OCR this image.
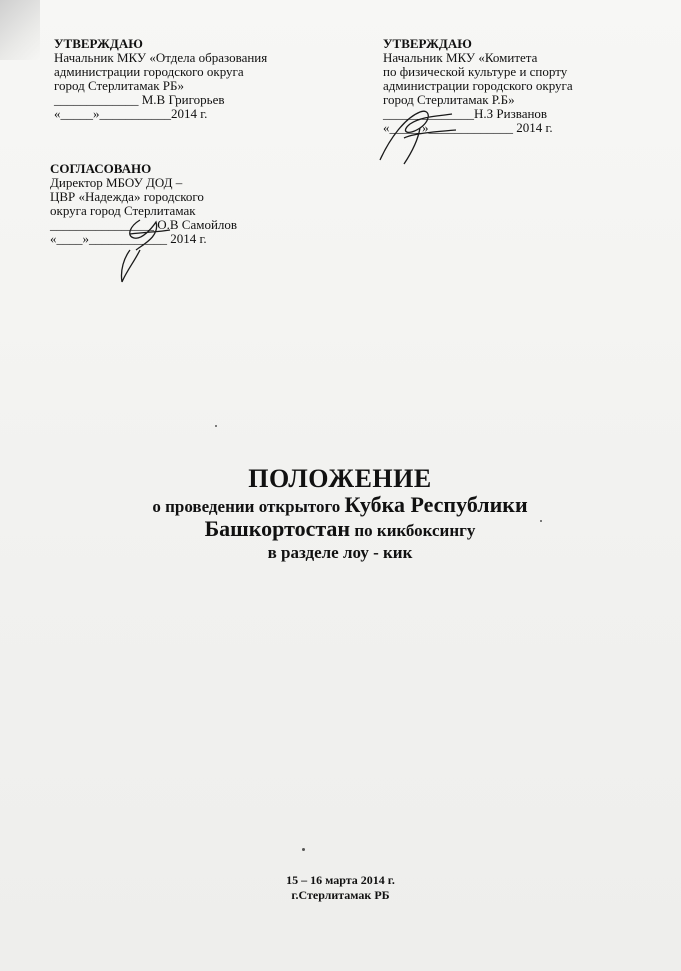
УТВЕРЖДАЮ
Начальник МКУ «Отдела образования
администрации городского округа
город Стерлитамак РБ»
_____________ М.В Григорьев
«_____»___________2014 г.
УТВЕРЖДАЮ
Начальник МКУ «Комитета
по физической культуре и спорту
администрации городского округа
город Стерлитамак Р.Б»
______________Н.З Ризванов
«_____»_____________ 2014 г.
СОГЛАСОВАНО
Директор МБОУ ДОД –
ЦВР «Надежда» городского
округа город Стерлитамак
________________ О.В Самойлов
«____»____________ 2014 г.
ПОЛОЖЕНИЕ
о проведении открытого Кубка Республики
Башкортостан по кикбоксингу
в разделе лоу - кик
15 – 16 марта 2014 г.
г.Стерлитамак РБ
